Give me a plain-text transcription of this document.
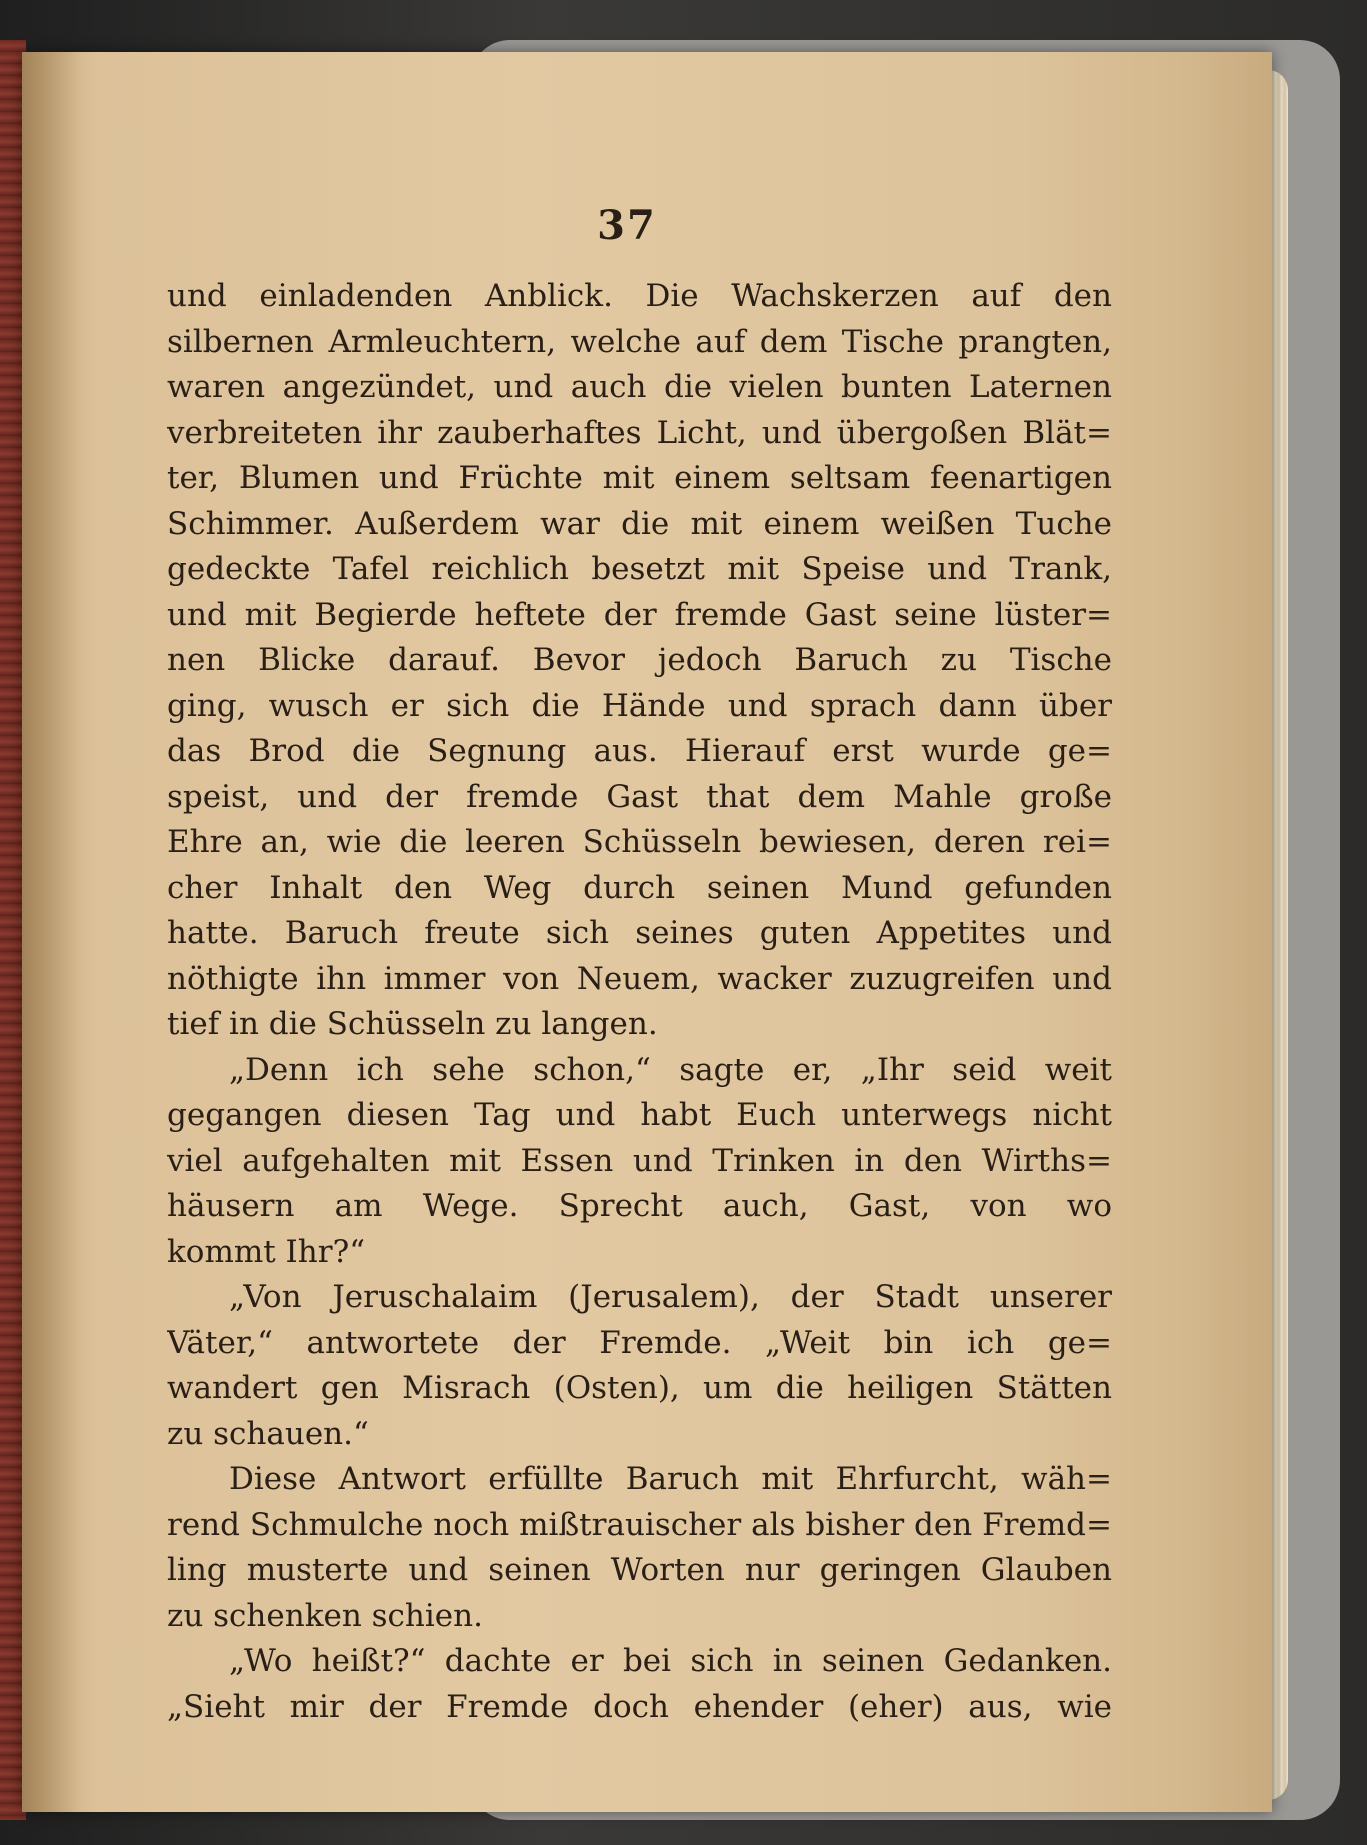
37
und einladenden Anblick. Die Wachskerzen auf den
silbernen Armleuchtern, welche auf dem Tische prangten,
waren angezündet, und auch die vielen bunten Laternen
verbreiteten ihr zauberhaftes Licht, und übergoßen Blät=
ter, Blumen und Früchte mit einem seltsam feenartigen
Schimmer. Außerdem war die mit einem weißen Tuche
gedeckte Tafel reichlich besetzt mit Speise und Trank,
und mit Begierde heftete der fremde Gast seine lüster=
nen Blicke darauf. Bevor jedoch Baruch zu Tische
ging, wusch er sich die Hände und sprach dann über
das Brod die Segnung aus. Hierauf erst wurde ge=
speist, und der fremde Gast that dem Mahle große
Ehre an, wie die leeren Schüsseln bewiesen, deren rei=
cher Inhalt den Weg durch seinen Mund gefunden
hatte. Baruch freute sich seines guten Appetites und
nöthigte ihn immer von Neuem, wacker zuzugreifen und
tief in die Schüsseln zu langen.
„Denn ich sehe schon,“ sagte er, „Ihr seid weit
gegangen diesen Tag und habt Euch unterwegs nicht
viel aufgehalten mit Essen und Trinken in den Wirths=
häusern am Wege. Sprecht auch, Gast, von wo
kommt Ihr?“
„Von Jeruschalaim (Jerusalem), der Stadt unserer
Väter,“ antwortete der Fremde. „Weit bin ich ge=
wandert gen Misrach (Osten), um die heiligen Stätten
zu schauen.“
Diese Antwort erfüllte Baruch mit Ehrfurcht, wäh=
rend Schmulche noch mißtrauischer als bisher den Fremd=
ling musterte und seinen Worten nur geringen Glauben
zu schenken schien.
„Wo heißt?“ dachte er bei sich in seinen Gedanken.
„Sieht mir der Fremde doch ehender (eher) aus, wie
